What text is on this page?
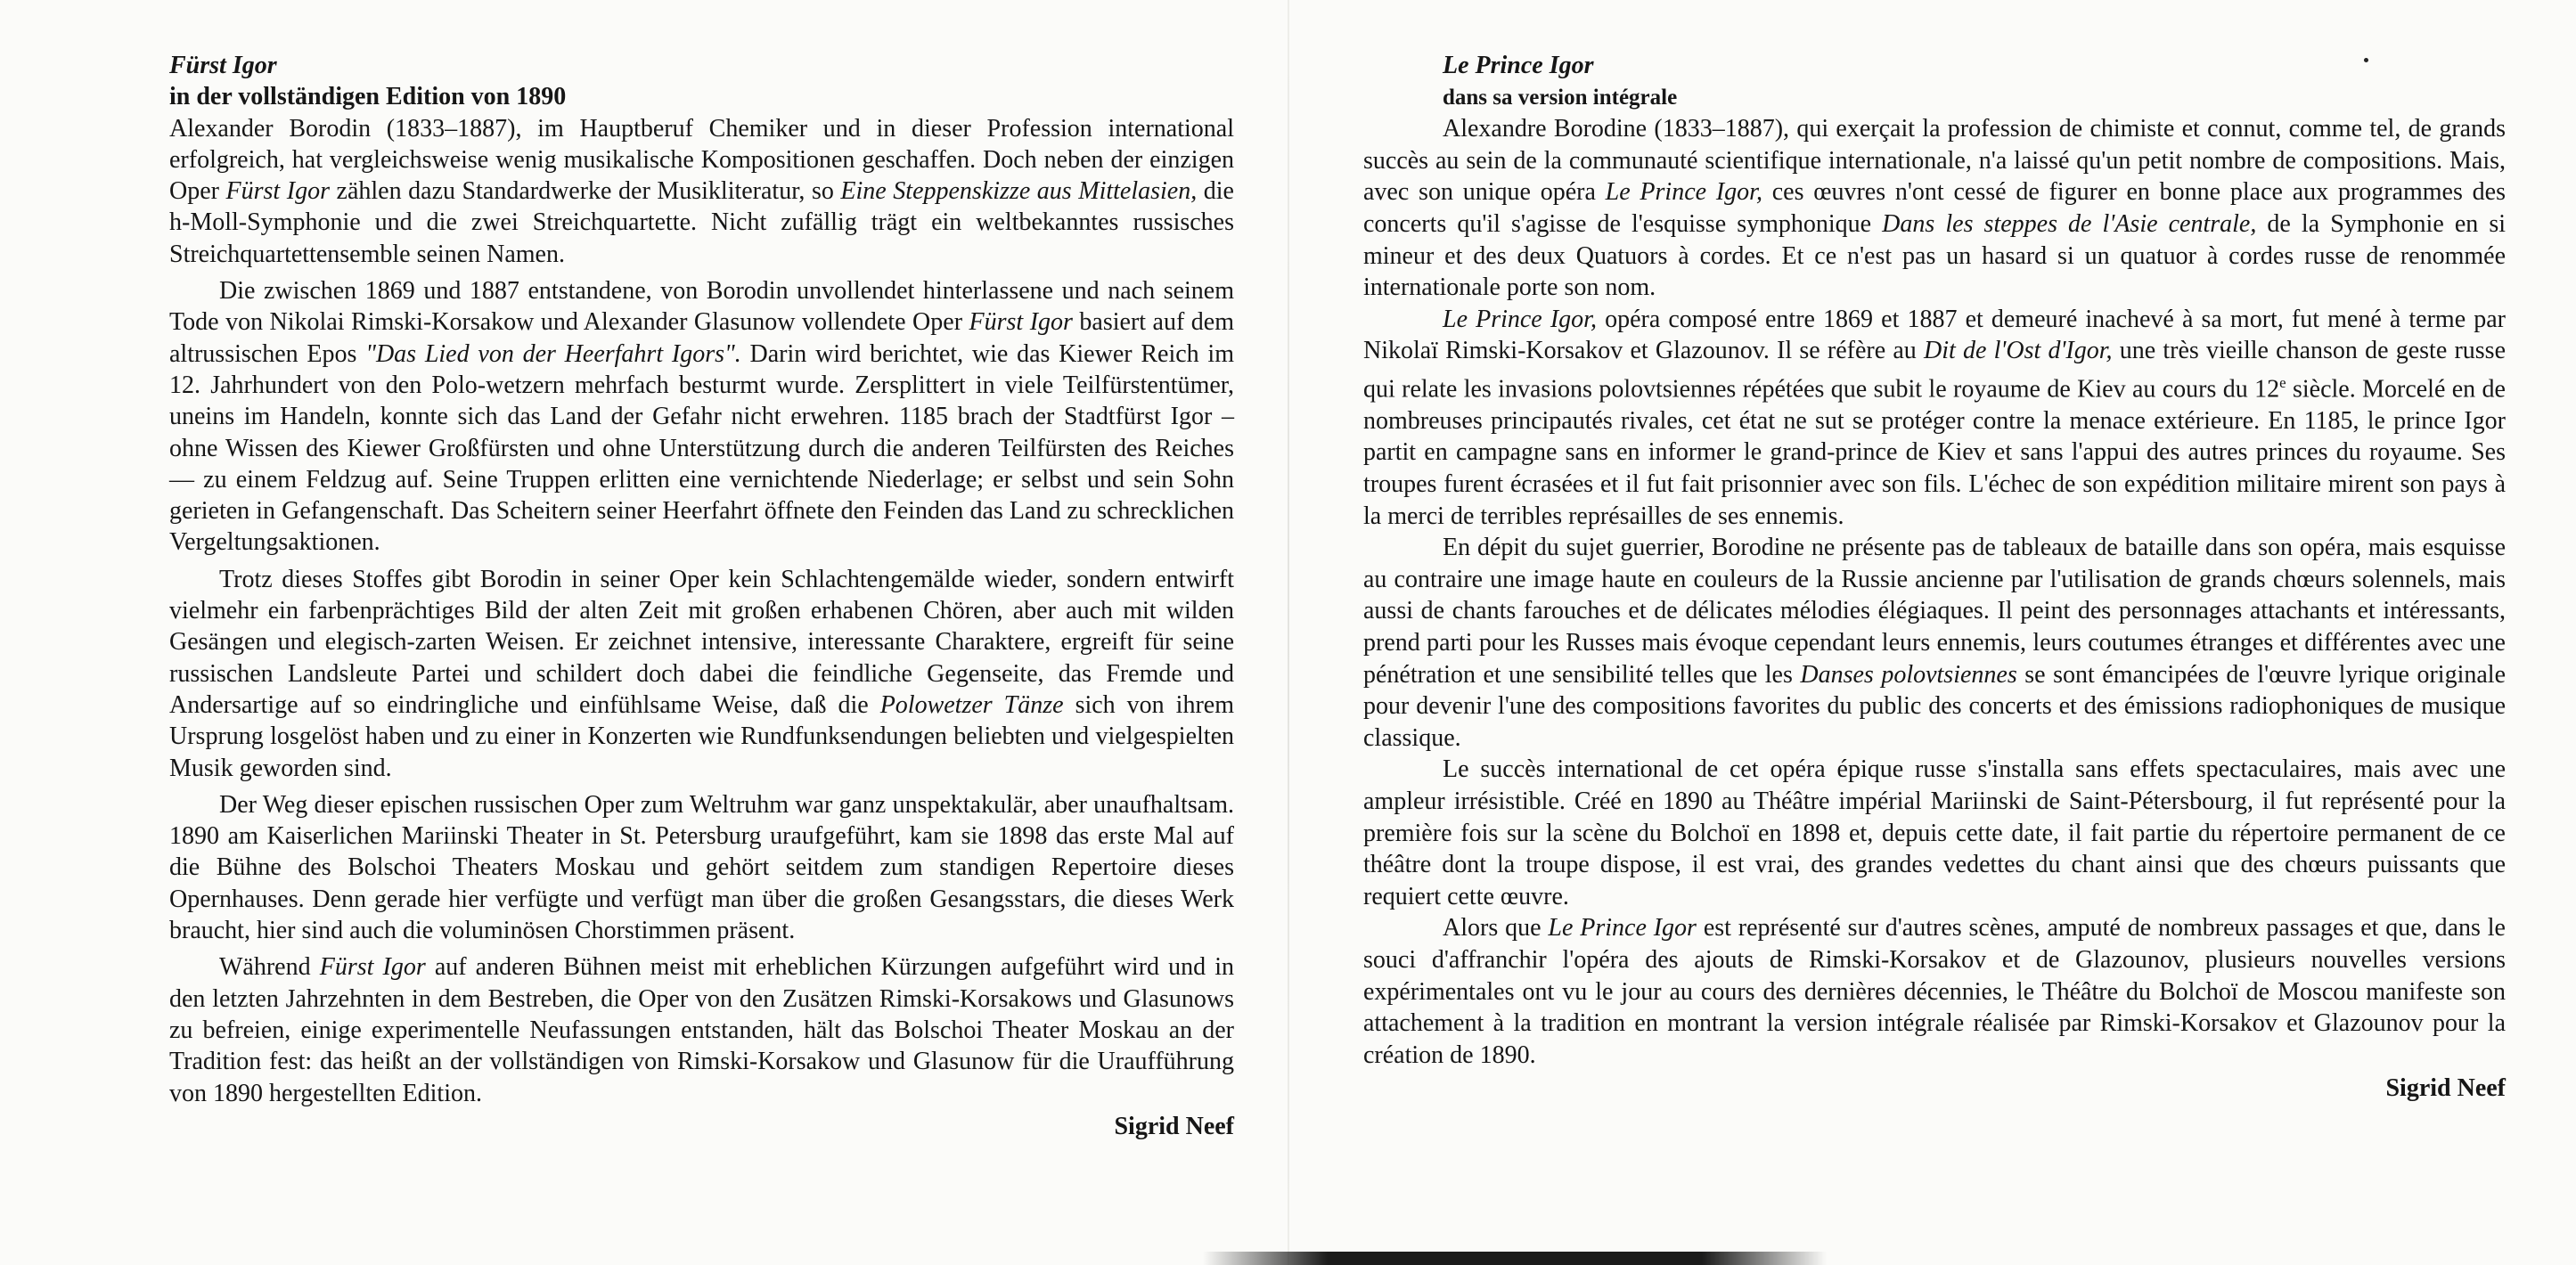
Fürst Igor
in der vollständigen Edition von 1890

Alexander Borodin (1833–1887), im Hauptberuf Chemiker und in dieser Profession international erfolgreich, hat vergleichsweise wenig musikalische Kompositionen geschaffen. Doch neben der einzigen Oper Fürst Igor zählen dazu Standardwerke der Musikliteratur, so Eine Steppenskizze aus Mittelasien, die h-Moll-Symphonie und die zwei Streichquartette. Nicht zufällig trägt ein weltbekanntes russisches Streichquartettensemble seinen Namen.

Die zwischen 1869 und 1887 entstandene, von Borodin unvollendet hinterlassene und nach seinem Tode von Nikolai Rimski-Korsakow und Alexander Glasunow vollendete Oper Fürst Igor basiert auf dem altrussischen Epos "Das Lied von der Heerfahrt Igors". Darin wird berichtet, wie das Kiewer Reich im 12. Jahrhundert von den Polo-wetzern mehrfach besturmt wurde. Zersplittert in viele Teilfürstentümer, uneins im Handeln, konnte sich das Land der Gefahr nicht erwehren. 1185 brach der Stadtfürst Igor – ohne Wissen des Kiewer Großfürsten und ohne Unterstützung durch die anderen Teilfürsten des Reiches — zu einem Feldzug auf. Seine Truppen erlitten eine vernichtende Niederlage; er selbst und sein Sohn gerieten in Gefangenschaft. Das Scheitern seiner Heerfahrt öffnete den Feinden das Land zu schrecklichen Vergeltungsaktionen.

Trotz dieses Stoffes gibt Borodin in seiner Oper kein Schlachtengemälde wieder, sondern entwirft vielmehr ein farbenprächtiges Bild der alten Zeit mit großen erhabenen Chören, aber auch mit wilden Gesängen und elegisch-zarten Weisen. Er zeichnet intensive, interessante Charaktere, ergreift für seine russischen Landsleute Partei und schildert doch dabei die feindliche Gegenseite, das Fremde und Andersartige auf so eindringliche und einfühlsame Weise, daß die Polowetzer Tänze sich von ihrem Ursprung losgelöst haben und zu einer in Konzerten wie Rundfunksendungen beliebten und vielgespielten Musik geworden sind.

Der Weg dieser epischen russischen Oper zum Weltruhm war ganz unspektakulär, aber unaufhaltsam. 1890 am Kaiserlichen Mariinski Theater in St. Petersburg uraufgeführt, kam sie 1898 das erste Mal auf die Bühne des Bolschoi Theaters Moskau und gehört seitdem zum standigen Repertoire dieses Opernhauses. Denn gerade hier verfügte und verfügt man über die großen Gesangsstars, die dieses Werk braucht, hier sind auch die voluminösen Chorstimmen präsent.

Während Fürst Igor auf anderen Bühnen meist mit erheblichen Kürzungen aufgeführt wird und in den letzten Jahrzehnten in dem Bestreben, die Oper von den Zusätzen Rimski-Korsakows und Glasunows zu befreien, einige experimentelle Neufassungen entstanden, hält das Bolschoi Theater Moskau an der Tradition fest: das heißt an der vollständigen von Rimski-Korsakow und Glasunow für die Uraufführung von 1890 hergestellten Edition.

Sigrid Neef
Le Prince Igor
dans sa version intégrale

Alexandre Borodine (1833–1887), qui exerçait la profession de chimiste et connut, comme tel, de grands succès au sein de la communauté scientifique internationale, n'a laissé qu'un petit nombre de compositions. Mais, avec son unique opéra Le Prince Igor, ces œuvres n'ont cessé de figurer en bonne place aux programmes des concerts qu'il s'agisse de l'esquisse symphonique Dans les steppes de l'Asie centrale, de la Symphonie en si mineur et des deux Quatuors à cordes. Et ce n'est pas un hasard si un quatuor à cordes russe de renommée internationale porte son nom.

Le Prince Igor, opéra composé entre 1869 et 1887 et demeuré inachevé à sa mort, fut mené à terme par Nikolaï Rimski-Korsakov et Glazounov. Il se réfère au Dit de l'Ost d'Igor, une très vieille chanson de geste russe qui relate les invasions polovtsiennes répétées que subit le royaume de Kiev au cours du 12e siècle. Morcelé en de nombreuses principautés rivales, cet état ne sut se protéger contre la menace extérieure. En 1185, le prince Igor partit en campagne sans en informer le grand-prince de Kiev et sans l'appui des autres princes du royaume. Ses troupes furent écrasées et il fut fait prisonnier avec son fils. L'échec de son expédition militaire mirent son pays à la merci de terribles représailles de ses ennemis.

En dépit du sujet guerrier, Borodine ne présente pas de tableaux de bataille dans son opéra, mais esquisse au contraire une image haute en couleurs de la Russie ancienne par l'utilisation de grands chœurs solennels, mais aussi de chants farouches et de délicates mélodies élégiaques. Il peint des personnages attachants et intéressants, prend parti pour les Russes mais évoque cependant leurs ennemis, leurs coutumes étranges et différentes avec une pénétration et une sensibilité telles que les Danses polovtsiennes se sont émancipées de l'œuvre lyrique originale pour devenir l'une des compositions favorites du public des concerts et des émissions radiophoniques de musique classique.

Le succès international de cet opéra épique russe s'installa sans effets spectaculaires, mais avec une ampleur irrésistible. Créé en 1890 au Théâtre impérial Mariinski de Saint-Pétersbourg, il fut représenté pour la première fois sur la scène du Bolchoï en 1898 et, depuis cette date, il fait partie du répertoire permanent de ce théâtre dont la troupe dispose, il est vrai, des grandes vedettes du chant ainsi que des chœurs puissants que requiert cette œuvre.

Alors que Le Prince Igor est représenté sur d'autres scènes, amputé de nombreux passages et que, dans le souci d'affranchir l'opéra des ajouts de Rimski-Korsakov et de Glazounov, plusieurs nouvelles versions expérimentales ont vu le jour au cours des dernières décennies, le Théâtre du Bolchoï de Moscou manifeste son attachement à la tradition en montrant la version intégrale réalisée par Rimski-Korsakov et Glazounov pour la création de 1890.

Sigrid Neef
